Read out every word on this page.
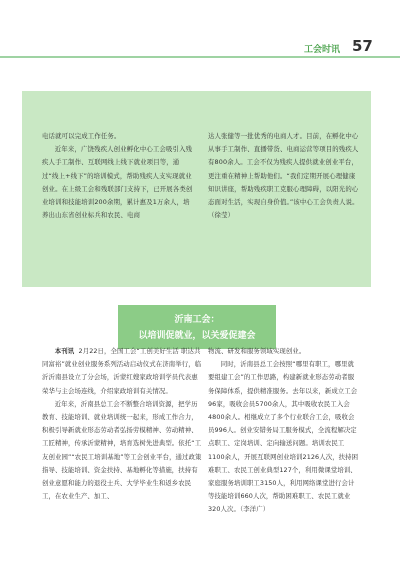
工会时讯 57

电话就可以完成工作任务。

近年来，广饶残疾人创业孵化中心工会吸引入残疾人手工制作、互联网线上线下就业项目等，通过“线上+线下”的培训模式，帮助残疾人支实现就业创业。在上级工会和残联部门支持下，已开展各类创业培训和技能培训200余期，累计惠及1万余人，培养出山东省创业标兵和农民、电商

达人张健等一批优秀的电商人才。目前，在孵化中心从事手工制作、直播带货、电商运营等项目的残疾人有800余人。工会不仅为残疾人提供就业创业平台，更注重在精神上帮助他们。“我们定期开展心理健康知识讲座，帮助残疾职工克服心理障碍，以阳光的心态面对生活，实现自身价值。”该中心工会负责人说。（徐莹）

沂南工会：
以培训促就业，以关爱促建会

本刊讯 2月22日，全国工会“工创美好生活 职达共同富裕”就业创业服务系列活动启动仪式在济南举行，临沂沂南县设立了分会场，沂蒙红嫂家政培训学员代表惠荣华与主会场连线，介绍家政培训有关情况。

近年来，沂南县总工会不断整合培训资源，把学历教育、技能培训、就业培训统一起来，形成工作合力，积极引导新就业形态劳动者弘扬劳模精神、劳动精神、工匠精神，传承沂蒙精神，培育选树先进典型。依托“工友创业园”“农民工培训基地”等工会创业平台，通过政策指导、技能培训、资金扶持、基地孵化等措施，扶持有创业意愿和能力的退役士兵、大学毕业生和返乡农民工，在农业生产、加工、

物流、研发和服务领域实现创业。

同时，沂南县总工会按照“哪里有职工，哪里就要组建工会”的工作思路，构建新就业形态劳动者服务保障体系，提供精准服务。去年以来，新成立工会96家，吸收会员5700余人，其中吸收农民工入会4800余人。相继成立了多个行业联合工会，吸收会员996人。创业安错务局工服务模式，全流程解决定点职工、定岗培训、定向输送问题。培训农民工1100余人，开展互联网创业培训2126人次，扶持困难职工、农民工创业典型127个，利用微课堂培训、家庭服务培训职工3150人，利用网络课堂进行会计等技能培训660人次，帮助困难职工、农民工就业320人次。（李洋广）
